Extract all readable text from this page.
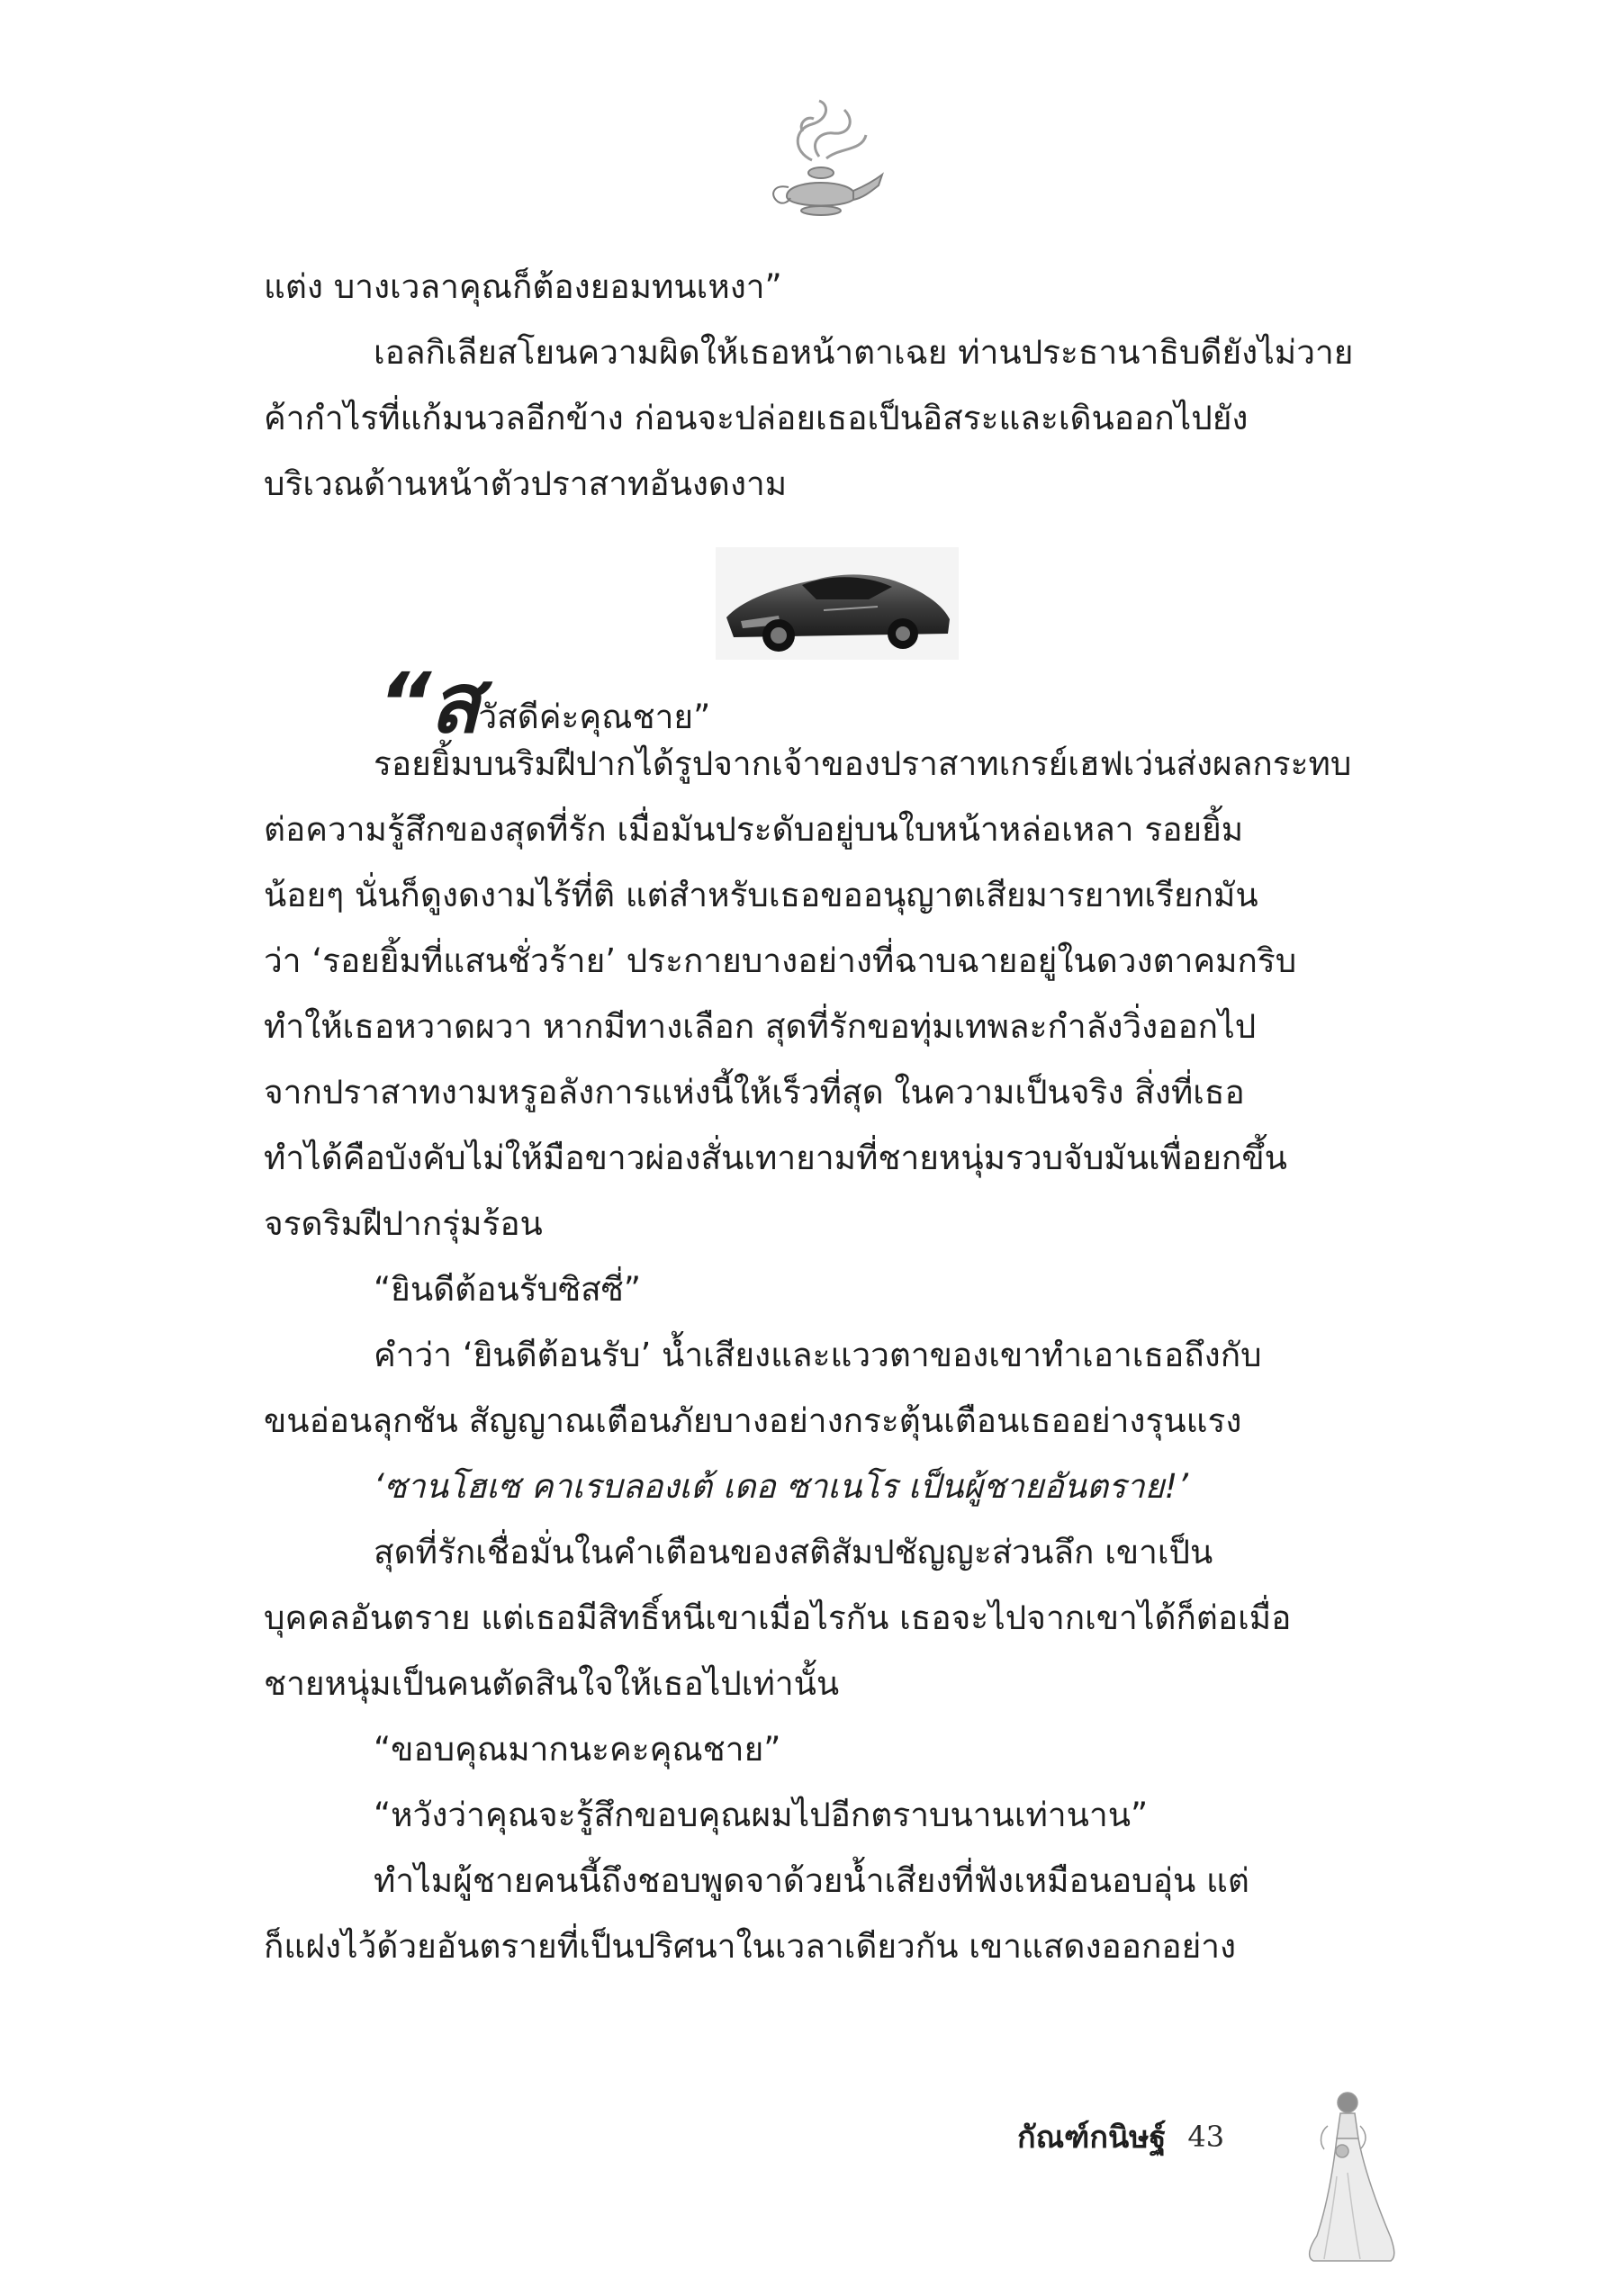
แต่ง บางเวลาคุณก็ต้องยอมทนเหงา”
เอลกิเลียสโยนความผิดให้เธอหน้าตาเฉย ท่านประธานาธิบดียังไม่วาย
ค้ากำไรที่แก้มนวลอีกข้าง ก่อนจะปล่อยเธอเป็นอิสระและเดินออกไปยัง
บริเวณด้านหน้าตัวปราสาทอันงดงาม
“ส วัสดีค่ะคุณชาย”
รอยยิ้มบนริมฝีปากได้รูปจากเจ้าของปราสาทเกรย์เฮฟเว่นส่งผลกระทบ
ต่อความรู้สึกของสุดที่รัก เมื่อมันประดับอยู่บนใบหน้าหล่อเหลา รอยยิ้ม
น้อยๆ นั่นก็ดูงดงามไร้ที่ติ แต่สำหรับเธอขออนุญาตเสียมารยาทเรียกมัน
ว่า ‘รอยยิ้มที่แสนชั่วร้าย’ ประกายบางอย่างที่ฉาบฉายอยู่ในดวงตาคมกริบ
ทำให้เธอหวาดผวา หากมีทางเลือก สุดที่รักขอทุ่มเทพละกำลังวิ่งออกไป
จากปราสาทงามหรูอลังการแห่งนี้ให้เร็วที่สุด ในความเป็นจริง สิ่งที่เธอ
ทำได้คือบังคับไม่ให้มือขาวผ่องสั่นเทายามที่ชายหนุ่มรวบจับมันเพื่อยกขึ้น
จรดริมฝีปากรุ่มร้อน
“ยินดีต้อนรับซิสซี่”
คำว่า ‘ยินดีต้อนรับ’ น้ำเสียงและแววตาของเขาทำเอาเธอถึงกับ
ขนอ่อนลุกชัน สัญญาณเตือนภัยบางอย่างกระตุ้นเตือนเธออย่างรุนแรง
‘ซานโฮเซ คาเรบลองเต้ เดอ ซาเนโร เป็นผู้ชายอันตราย!’
สุดที่รักเชื่อมั่นในคำเตือนของสติสัมปชัญญะส่วนลึก เขาเป็น
บุคคลอันตราย แต่เธอมีสิทธิ์หนีเขาเมื่อไรกัน เธอจะไปจากเขาได้ก็ต่อเมื่อ
ชายหนุ่มเป็นคนตัดสินใจให้เธอไปเท่านั้น
“ขอบคุณมากนะคะคุณชาย”
“หวังว่าคุณจะรู้สึกขอบคุณผมไปอีกตราบนานเท่านาน”
ทำไมผู้ชายคนนี้ถึงชอบพูดจาด้วยน้ำเสียงที่ฟังเหมือนอบอุ่น แต่
ก็แฝงไว้ด้วยอันตรายที่เป็นปริศนาในเวลาเดียวกัน เขาแสดงออกอย่าง
กัณฑ์กนิษฐ์ 43
